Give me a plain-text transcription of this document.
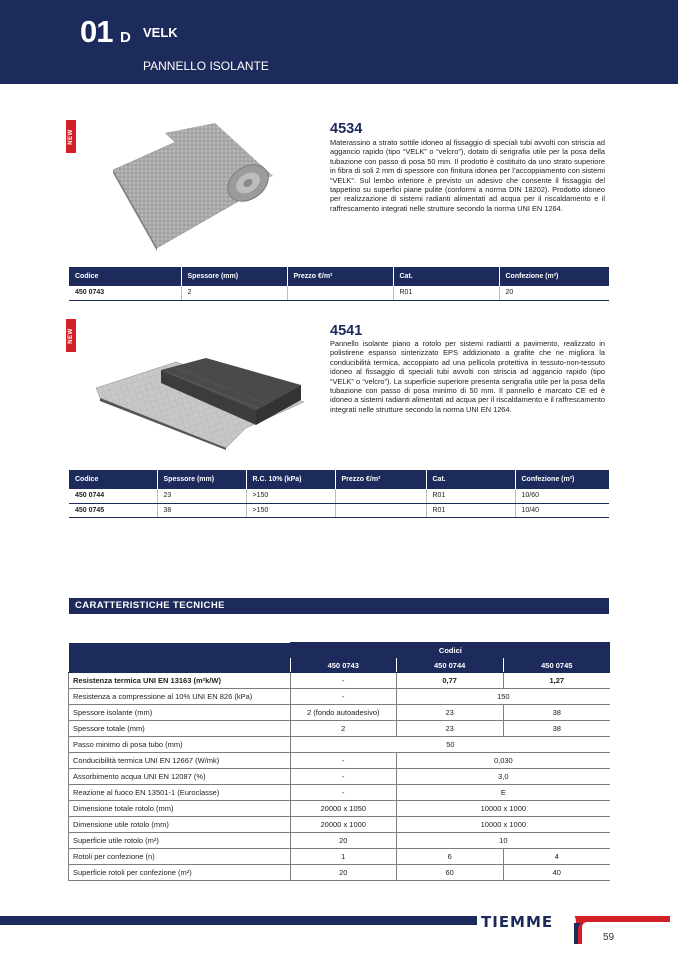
01 D VELK
PANNELLO ISOLANTE
NEW	4534
Materassino a strato sottile idoneo al fissaggio di speciali tubi avvolti con striscia ad aggancio rapido (tipo “VELK” o “velcro”), dotato di serigrafia utile per la posa della tubazione con passo di posa 50 mm. Il prodotto è costituito da uno strato superiore in fibra di soli 2 mm di spessore con finitura idonea per l’accoppiamento con sistemi “VELK”. Sul lembo inferiore è previsto un adesivo che consente il fissaggio del tappetino su superfici piane pulite (conformi a norma DIN 18202). Prodotto idoneo per realizzazione di sistemi radianti alimentati ad acqua per il riscaldamento e il raffrescamento integrati nelle strutture secondo la norma UNI EN 1264.
Codice	Spessore (mm)	Prezzo €/m²	Cat.	Confezione (m²)
450 0743	2		R01	20
NEW	4541
Pannello isolante piano a rotolo per sistemi radianti a pavimento, realizzato in polistirene espanso sinterizzato EPS addizionato a grafite che ne migliora la conducibilità termica, accoppiato ad una pellicola protettiva in tessuto-non-tessuto idoneo al fissaggio di speciali tubi avvolti con striscia ad aggancio rapido (tipo “VELK” o “velcro”). La superficie superiore presenta serigrafia utile per la posa della tubazione con passo di posa minimo di 50 mm. Il pannello è marcato CE ed è idoneo a sistemi radianti alimentati ad acqua per il riscaldamento e il raffrescamento integrati nelle strutture secondo la norma UNI EN 1264.
Codice	Spessore (mm)	R.C. 10% (kPa)	Prezzo €/m²	Cat.	Confezione (m²)
450 0744	23	>150		R01	10/60
450 0745	38	>150		R01	10/40
CARATTERISTICHE TECNICHE
	Codici		
	450 0743	450 0744	450 0745
Resistenza termica UNI EN 13163 (m²k/W)	-	0,77	1,27
Resistenza a compressione al 10% UNI EN 826 (kPa)	-	150	
Spessore isolante (mm)	2 (fondo autoadesivo)	23	38
Spessore totale (mm)	2	23	38
Passo minimo di posa tubo (mm)	50		
Conducibilità termica UNI EN 12667 (W/mk)	-	0,030	
Assorbimento acqua UNI EN 12087 (%)	-	3,0	
Reazione al fuoco EN 13501-1 (Euroclasse)	-	E	
Dimensione totale rotolo (mm)	20000 x 1050	10000 x 1000	
Dimensione utile rotolo (mm)	20000 x 1000	10000 x 1000	
Superficie utile rotolo (m²)	20	10	
Rotoli per confezione (n)	1	6	4
Superficie rotoli per confezione (m²)	20	60	40
TIEMME
59
